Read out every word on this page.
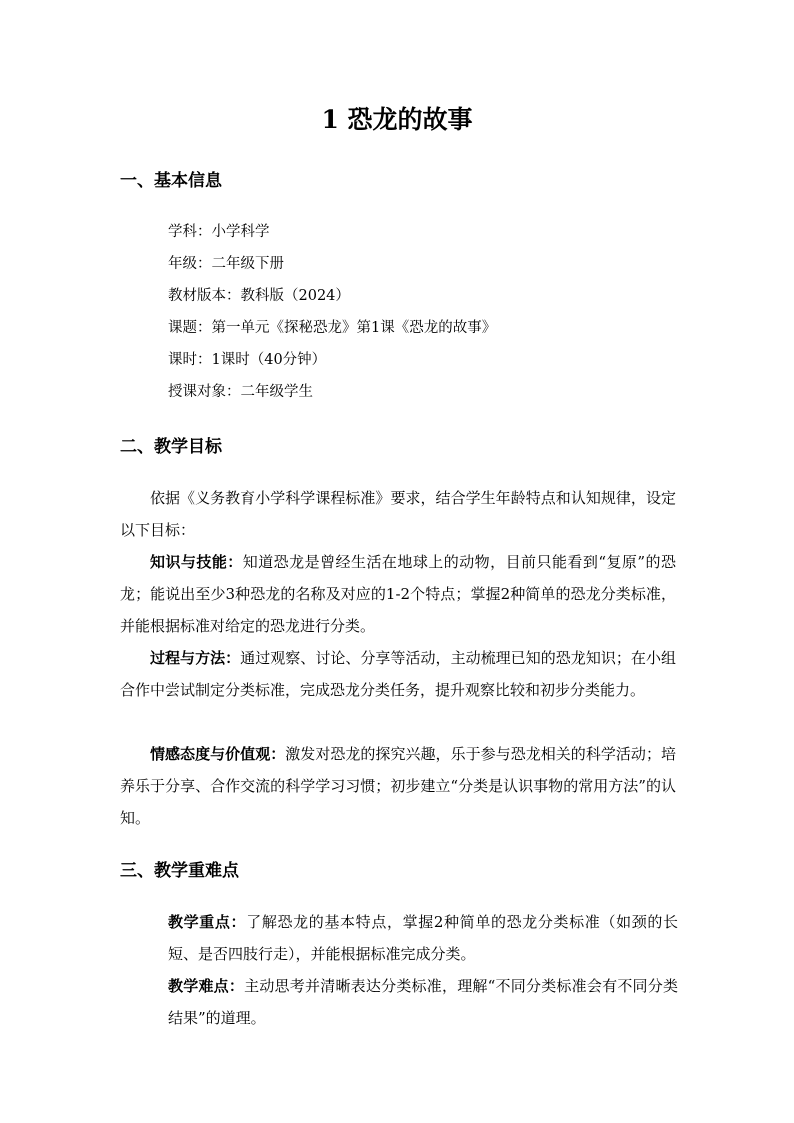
1 恐龙的故事
一、基本信息
学科：小学科学
年级：二年级下册
教材版本：教科版（2024）
课题：第一单元《探秘恐龙》第1课《恐龙的故事》
课时：1课时（40分钟）
授课对象：二年级学生
二、教学目标

依据《义务教育小学科学课程标准》要求，结合学生年龄特点和认知规律，设定以下目标：

知识与技能：知道恐龙是曾经生活在地球上的动物，目前只能看到“复原”的恐龙；能说出至少3种恐龙的名称及对应的1-2个特点；掌握2种简单的恐龙分类标准，并能根据标准对给定的恐龙进行分类。

过程与方法：通过观察、讨论、分享等活动，主动梳理已知的恐龙知识；在小组合作中尝试制定分类标准，完成恐龙分类任务，提升观察比较和初步分类能力。

情感态度与价值观：激发对恐龙的探究兴趣，乐于参与恐龙相关的科学活动；培养乐于分享、合作交流的科学学习习惯；初步建立“分类是认识事物的常用方法”的认知。

三、教学重难点

教学重点：了解恐龙的基本特点，掌握2种简单的恐龙分类标准（如颈的长短、是否四肢行走），并能根据标准完成分类。

教学难点：主动思考并清晰表达分类标准，理解“不同分类标准会有不同分类结果”的道理。
